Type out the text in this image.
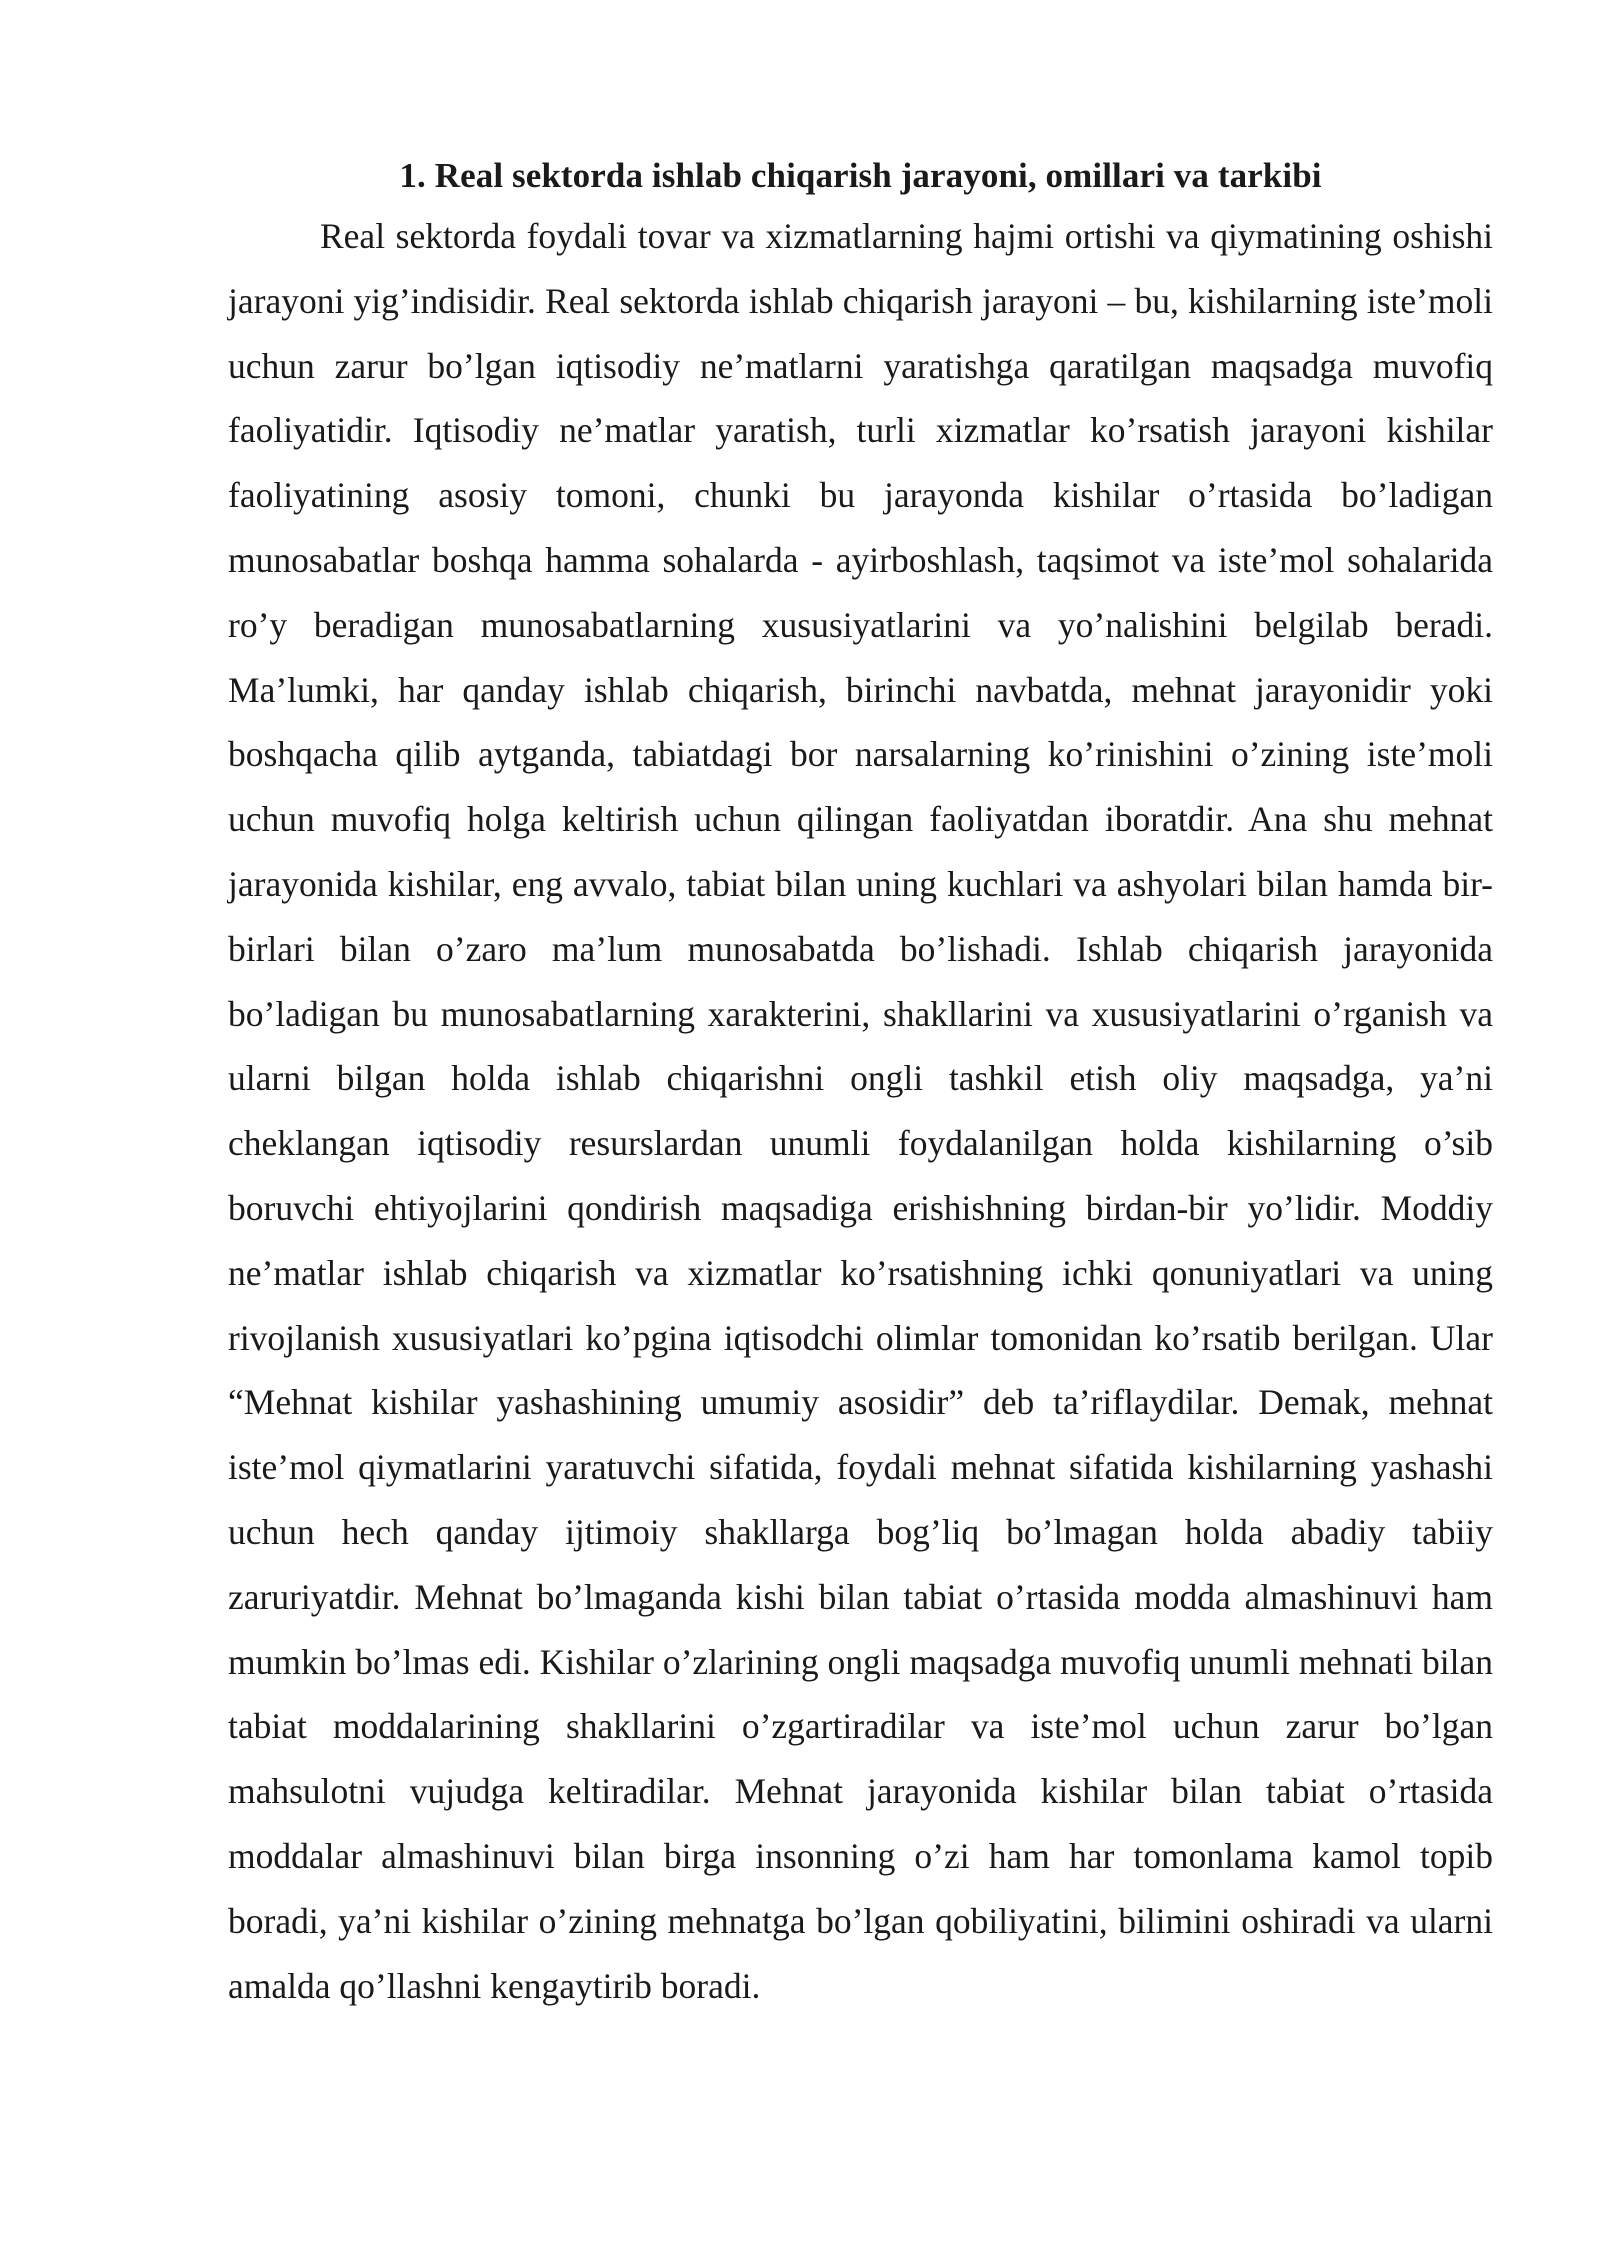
1. Real sektorda ishlab chiqarish jarayoni, omillari va tarkibi

Real sektorda foydali tovar va xizmatlarning hajmi ortishi va qiymatining oshishi jarayoni yig’indisidir. Real sektorda ishlab chiqarish jarayoni – bu, kishilarning iste’moli uchun zarur bo’lgan iqtisodiy ne’matlarni yaratishga qaratilgan maqsadga muvofiq faoliyatidir. Iqtisodiy ne’matlar yaratish, turli xizmatlar ko’rsatish jarayoni kishilar faoliyatining asosiy tomoni, chunki bu jarayonda kishilar o’rtasida bo’ladigan munosabatlar boshqa hamma sohalarda - ayirboshlash, taqsimot va iste’mol sohalarida ro’y beradigan munosabatlarning xususiyatlarini va yo’nalishini belgilab beradi. Ma’lumki, har qanday ishlab chiqarish, birinchi navbatda, mehnat jarayonidir yoki boshqacha qilib aytganda, tabiatdagi bor narsalarning ko’rinishini o’zining iste’moli uchun muvofiq holga keltirish uchun qilingan faoliyatdan iboratdir. Ana shu mehnat jarayonida kishilar, eng avvalo, tabiat bilan uning kuchlari va ashyolari bilan hamda bir-birlari bilan o’zaro ma’lum munosabatda bo’lishadi. Ishlab chiqarish jarayonida bo’ladigan bu munosabatlarning xarakterini, shakllarini va xususiyatlarini o’rganish va ularni bilgan holda ishlab chiqarishni ongli tashkil etish oliy maqsadga, ya’ni cheklangan iqtisodiy resurslardan unumli foydalanilgan holda kishilarning o’sib boruvchi ehtiyojlarini qondirish maqsadiga erishishning birdan-bir yo’lidir. Moddiy ne’matlar ishlab chiqarish va xizmatlar ko’rsatishning ichki qonuniyatlari va uning rivojlanish xususiyatlari ko’pgina iqtisodchi olimlar tomonidan ko’rsatib berilgan. Ular “Mehnat kishilar yashashining umumiy asosidir” deb ta’riflaydilar. Demak, mehnat iste’mol qiymatlarini yaratuvchi sifatida, foydali mehnat sifatida kishilarning yashashi uchun hech qanday ijtimoiy shakllarga bog’liq bo’lmagan holda abadiy tabiiy zaruriyatdir. Mehnat bo’lmaganda kishi bilan tabiat o’rtasida modda almashinuvi ham mumkin bo’lmas edi. Kishilar o’zlarining ongli maqsadga muvofiq unumli mehnati bilan tabiat moddalarining shakllarini o’zgartiradilar va iste’mol uchun zarur bo’lgan mahsulotni vujudga keltiradilar. Mehnat jarayonida kishilar bilan tabiat o’rtasida moddalar almashinuvi bilan birga insonning o’zi ham har tomonlama kamol topib boradi, ya’ni kishilar o’zining mehnatga bo’lgan qobiliyatini, bilimini oshiradi va ularni amalda qo’llashni kengaytirib boradi.
